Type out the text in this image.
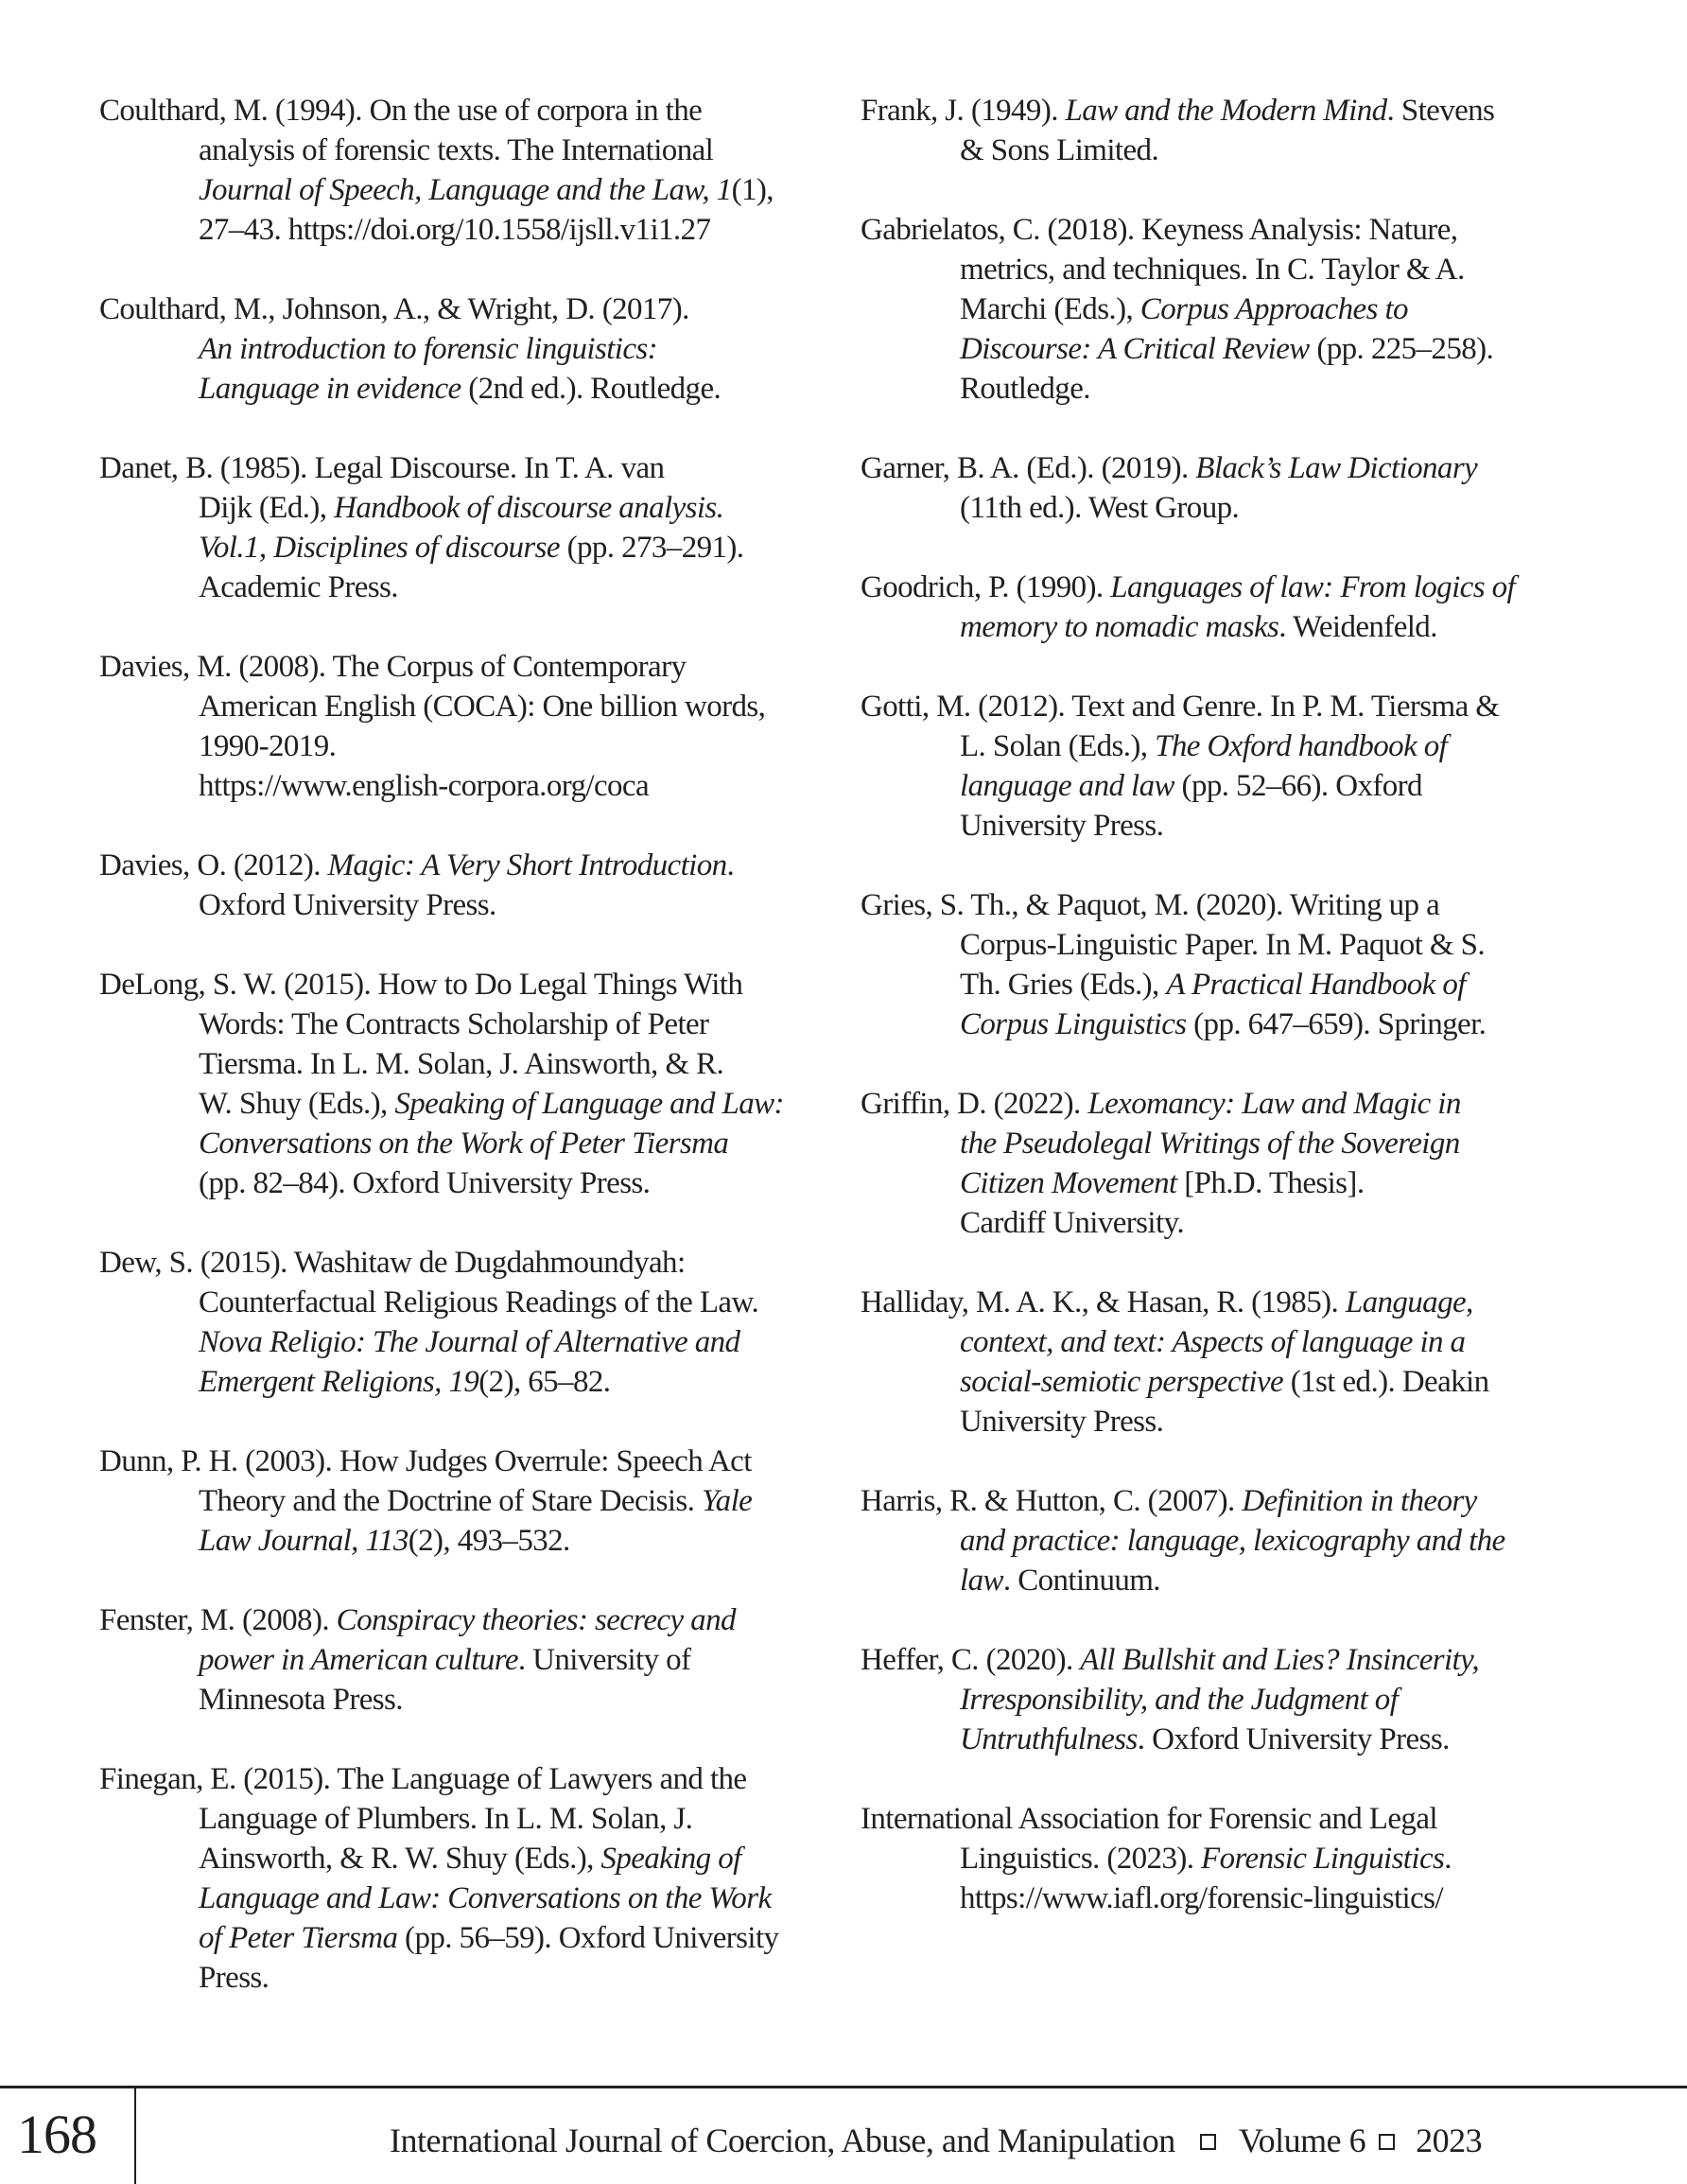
Coulthard, M. (1994). On the use of corpora in the
analysis of forensic texts. The International
Journal of Speech, Language and the Law, 1(1),
27–43. https://doi.org/10.1558/ijsll.v1i1.27
Coulthard, M., Johnson, A., & Wright, D. (2017).
An introduction to forensic linguistics:
Language in evidence (2nd ed.). Routledge.
Danet, B. (1985). Legal Discourse. In T. A. van
Dijk (Ed.), Handbook of discourse analysis.
Vol.1, Disciplines of discourse (pp. 273–291).
Academic Press.
Davies, M. (2008). The Corpus of Contemporary
American English (COCA): One billion words,
1990-2019.
https://www.english-corpora.org/coca
Davies, O. (2012). Magic: A Very Short Introduction.
Oxford University Press.
DeLong, S. W. (2015). How to Do Legal Things With
Words: The Contracts Scholarship of Peter
Tiersma. In L. M. Solan, J. Ainsworth, & R.
W. Shuy (Eds.), Speaking of Language and Law:
Conversations on the Work of Peter Tiersma
(pp. 82–84). Oxford University Press.
Dew, S. (2015). Washitaw de Dugdahmoundyah:
Counterfactual Religious Readings of the Law.
Nova Religio: The Journal of Alternative and
Emergent Religions, 19(2), 65–82.
Dunn, P. H. (2003). How Judges Overrule: Speech Act
Theory and the Doctrine of Stare Decisis. Yale
Law Journal, 113(2), 493–532.
Fenster, M. (2008). Conspiracy theories: secrecy and
power in American culture. University of
Minnesota Press.
Finegan, E. (2015). The Language of Lawyers and the
Language of Plumbers. In L. M. Solan, J.
Ainsworth, & R. W. Shuy (Eds.), Speaking of
Language and Law: Conversations on the Work
of Peter Tiersma (pp. 56–59). Oxford University
Press.
Frank, J. (1949). Law and the Modern Mind. Stevens
& Sons Limited.
Gabrielatos, C. (2018). Keyness Analysis: Nature,
metrics, and techniques. In C. Taylor & A.
Marchi (Eds.), Corpus Approaches to
Discourse: A Critical Review (pp. 225–258).
Routledge.
Garner, B. A. (Ed.). (2019). Black’s Law Dictionary
(11th ed.). West Group.
Goodrich, P. (1990). Languages of law: From logics of
memory to nomadic masks. Weidenfeld.
Gotti, M. (2012). Text and Genre. In P. M. Tiersma &
L. Solan (Eds.), The Oxford handbook of
language and law (pp. 52–66). Oxford
University Press.
Gries, S. Th., & Paquot, M. (2020). Writing up a
Corpus-Linguistic Paper. In M. Paquot & S.
Th. Gries (Eds.), A Practical Handbook of
Corpus Linguistics (pp. 647–659). Springer.
Griffin, D. (2022). Lexomancy: Law and Magic in
the Pseudolegal Writings of the Sovereign
Citizen Movement [Ph.D. Thesis].
Cardiff University.
Halliday, M. A. K., & Hasan, R. (1985). Language,
context, and text: Aspects of language in a
social-semiotic perspective (1st ed.). Deakin
University Press.
Harris, R. & Hutton, C. (2007). Definition in theory
and practice: language, lexicography and the
law. Continuum.
Heffer, C. (2020). All Bullshit and Lies? Insincerity,
Irresponsibility, and the Judgment of
Untruthfulness. Oxford University Press.
International Association for Forensic and Legal
Linguistics. (2023). Forensic Linguistics.
https://www.iafl.org/forensic-linguistics/
168	International Journal of Coercion, Abuse, and Manipulation Volume 6 2023
